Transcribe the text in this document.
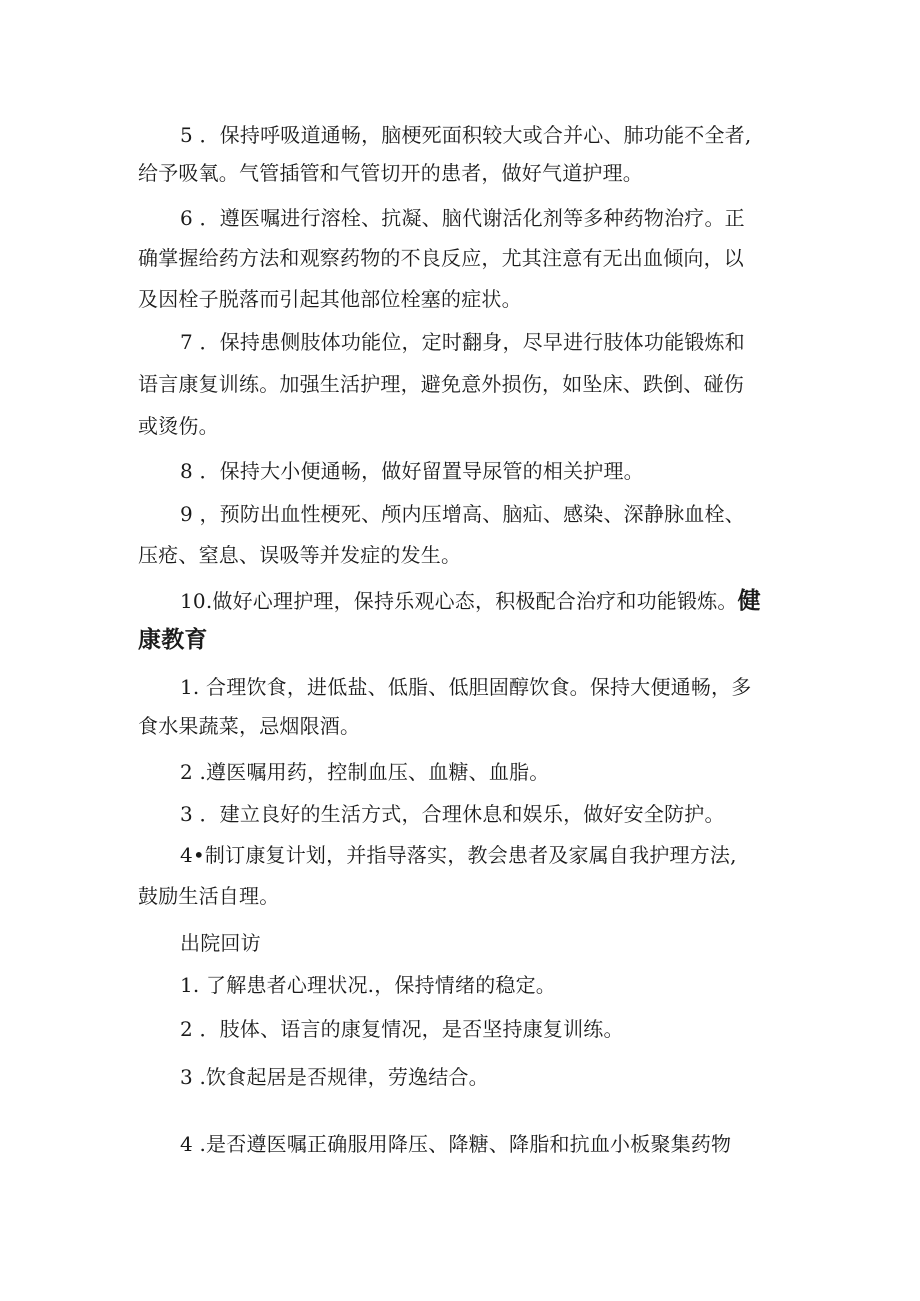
5 ．保持呼吸道通畅，脑梗死面积较大或合并心、肺功能不全者,
给予吸氧。气管插管和气管切开的患者，做好气道护理。
6 ．遵医嘱进行溶栓、抗凝、脑代谢活化剂等多种药物治疗。正
确掌握给药方法和观察药物的不良反应，尤其注意有无出血倾向，以
及因栓子脱落而引起其他部位栓塞的症状。
7 ．保持患侧肢体功能位，定时翻身，尽早进行肢体功能锻炼和
语言康复训练。加强生活护理，避免意外损伤，如坠床、跌倒、碰伤
或烫伤。
8 ．保持大小便通畅，做好留置导尿管的相关护理。
9 ，预防出血性梗死、颅内压增高、脑疝、感染、深静脉血栓、
压疮、窒息、误吸等并发症的发生。
10.做好心理护理，保持乐观心态，积极配合治疗和功能锻炼。健
康教育
1. 合理饮食，进低盐、低脂、低胆固醇饮食。保持大便通畅，多
食水果蔬菜，忌烟限酒。
2 .遵医嘱用药，控制血压、血糖、血脂。
3 ．建立良好的生活方式，合理休息和娱乐，做好安全防护。
4•制订康复计划，并指导落实，教会患者及家属自我护理方法,
鼓励生活自理。
出院回访
1. 了解患者心理状况.，保持情绪的稳定。
2 ．肢体、语言的康复情况，是否坚持康复训练。
3 .饮食起居是否规律，劳逸结合。
4 .是否遵医嘱正确服用降压、降糖、降脂和抗血小板聚集药物
